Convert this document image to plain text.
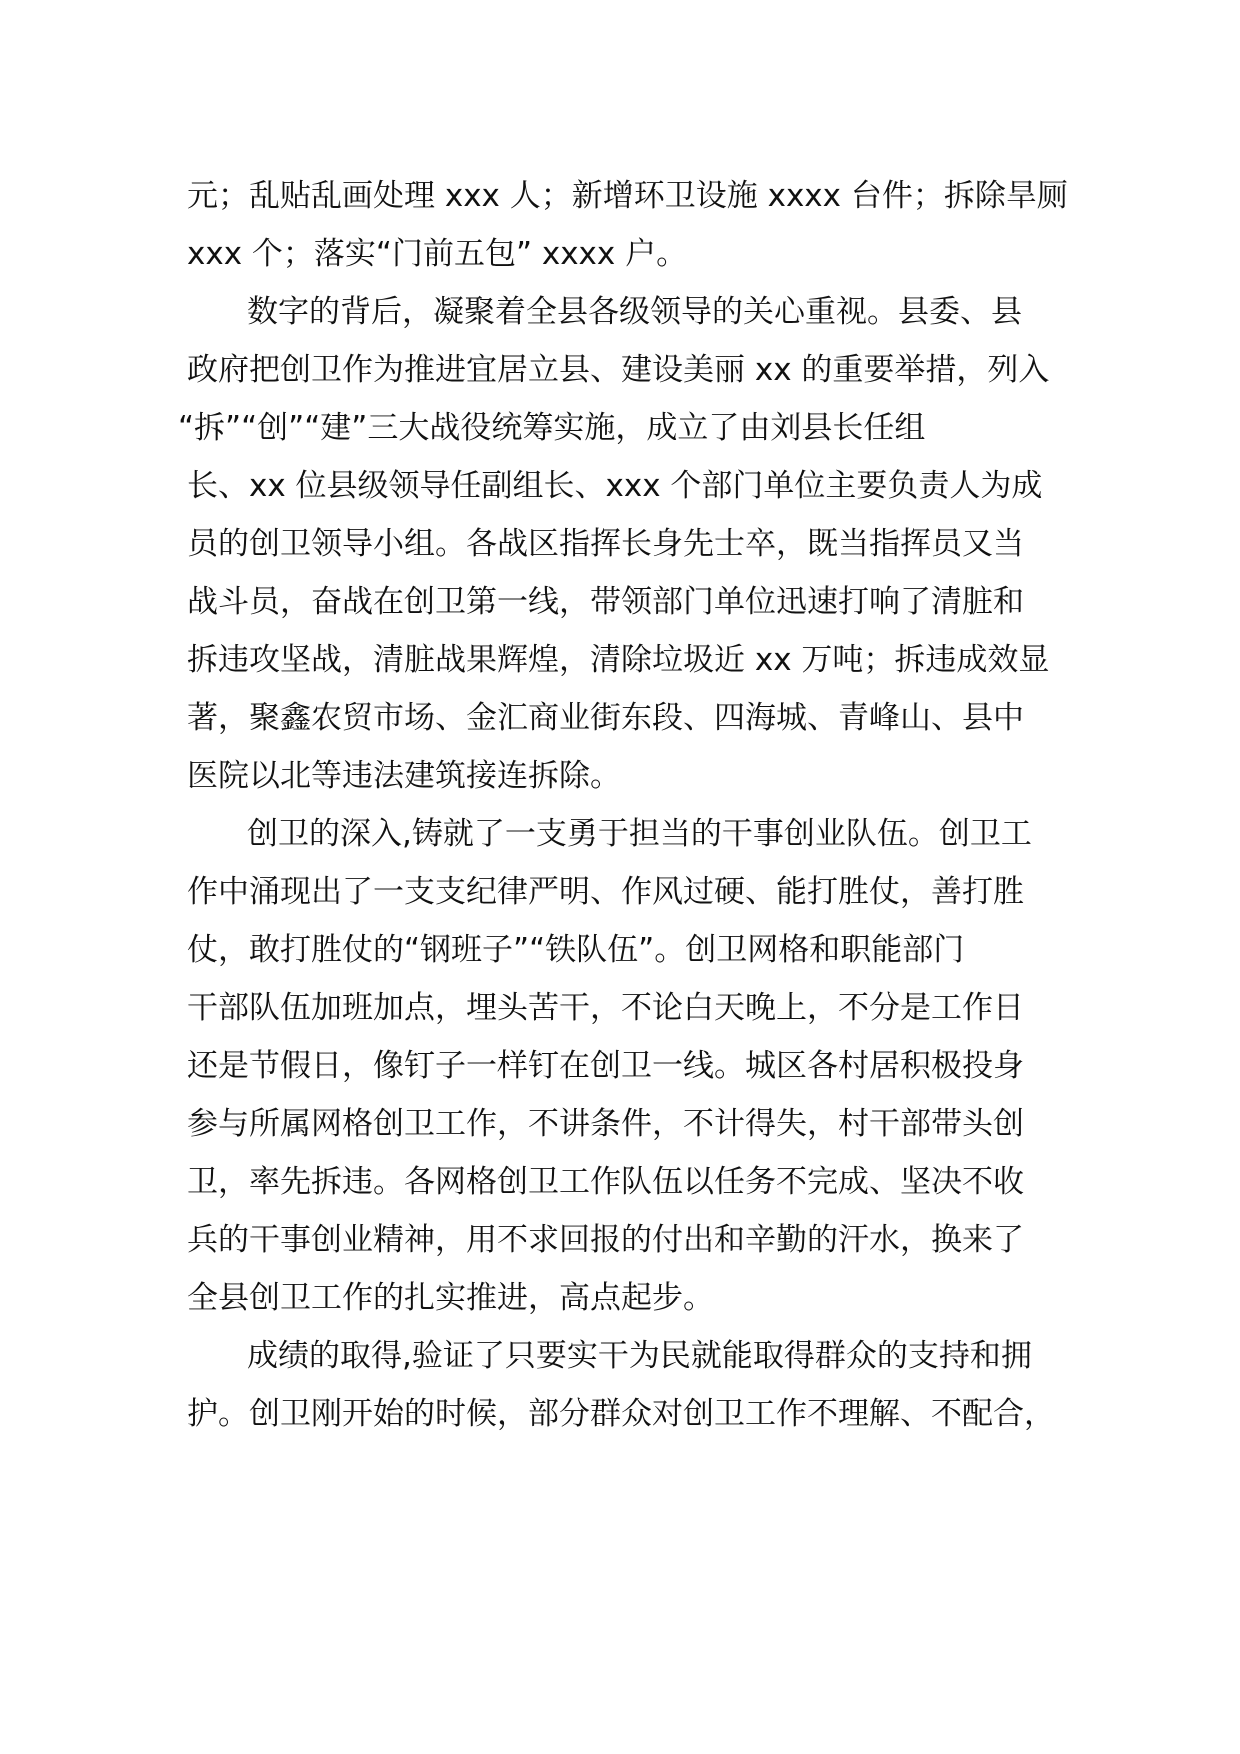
元；乱贴乱画处理 xxx 人；新增环卫设施 xxxx 台件；拆除旱厕
xxx 个；落实“门前五包” xxxx 户。
数字的背后，凝聚着全县各级领导的关心重视。县委、县
政府把创卫作为推进宜居立县、建设美丽 xx 的重要举措，列入
“拆”“创”“建”三大战役统筹实施，成立了由刘县长任组
长、xx 位县级领导任副组长、xxx 个部门单位主要负责人为成
员的创卫领导小组。各战区指挥长身先士卒，既当指挥员又当
战斗员，奋战在创卫第一线，带领部门单位迅速打响了清脏和
拆违攻坚战，清脏战果辉煌，清除垃圾近 xx 万吨；拆违成效显
著，聚鑫农贸市场、金汇商业街东段、四海城、青峰山、县中
医院以北等违法建筑接连拆除。
创卫的深入,铸就了一支勇于担当的干事创业队伍。创卫工
作中涌现出了一支支纪律严明、作风过硬、能打胜仗，善打胜
仗，敢打胜仗的“钢班子”“铁队伍”。创卫网格和职能部门
干部队伍加班加点，埋头苦干，不论白天晚上，不分是工作日
还是节假日，像钉子一样钉在创卫一线。城区各村居积极投身
参与所属网格创卫工作，不讲条件，不计得失，村干部带头创
卫，率先拆违。各网格创卫工作队伍以任务不完成、坚决不收
兵的干事创业精神，用不求回报的付出和辛勤的汗水，换来了
全县创卫工作的扎实推进，高点起步。
成绩的取得,验证了只要实干为民就能取得群众的支持和拥
护。创卫刚开始的时候，部分群众对创卫工作不理解、不配合，
